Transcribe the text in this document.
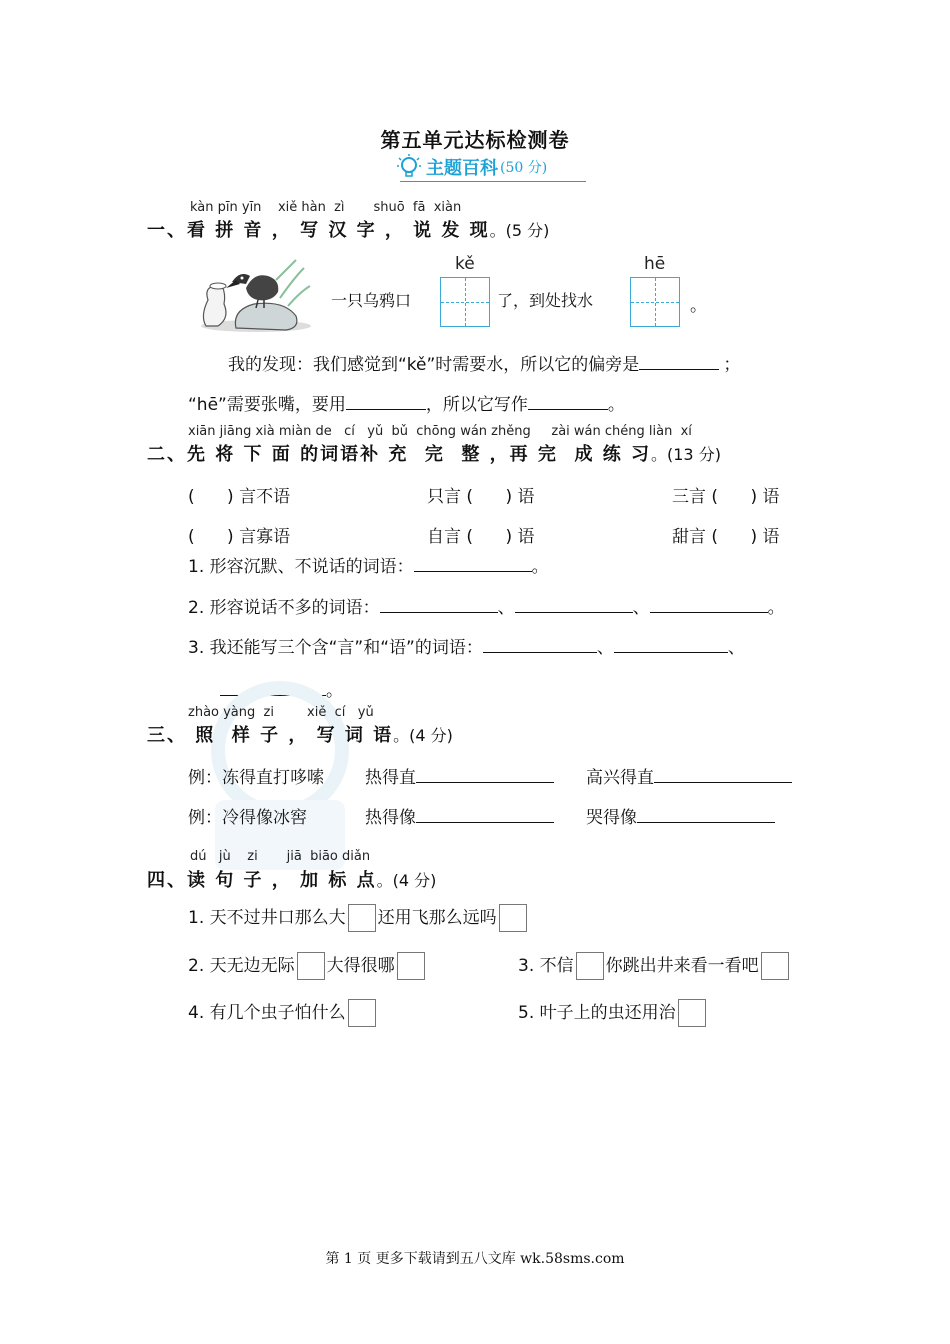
第五单元达标检测卷
主题百科 (50 分)
kàn pīn yīn    xiě hàn  zì       shuō  fā  xiàn
一、看 拼 音 ， 写 汉 字 ， 说 发 现。(5 分)
一只乌鸦口
kě
了，到处找水
hē
。
我的发现：我们感觉到“kě”时需要水，所以它的偏旁是	；
“hē”需要张嘴，要用	，所以它写作	。
xiān jiāng xià miàn de   cí   yǔ  bǔ  chōng wán zhěng     zài wán chéng liàn  xí
二、先 将 下 面 的词语补 充  完  整 ，再 完  成 练 习。(13 分)
(      ) 言不语	只言 (      ) 语	三言 (      ) 语
(      ) 言寡语	自言 (      ) 语	甜言 (      ) 语
1. 形容沉默、不说话的词语：	。
2. 形容说话不多的词语：	、	、	。
3. 我还能写三个含“言”和“语”的词语：	、	、
。
zhào yàng  zi        xiě  cí   yǔ
三、 照  样 子 ， 写 词 语。(4 分)
例：冻得直打哆嗦 热得直	高兴得直
例：冷得像冰窖	热得像	哭得像
dú   jù    zi       jiā  biāo diǎn
四、读 句 子 ， 加 标 点。(4 分)
1. 天不过井口那么大 还用飞那么远吗
2. 天无边无际 大得很哪	3. 不信 你跳出井来看一看吧
4. 有几个虫子怕什么	5. 叶子上的虫还用治
第 1 页 更多下载请到五八文库 wk.58sms.com
